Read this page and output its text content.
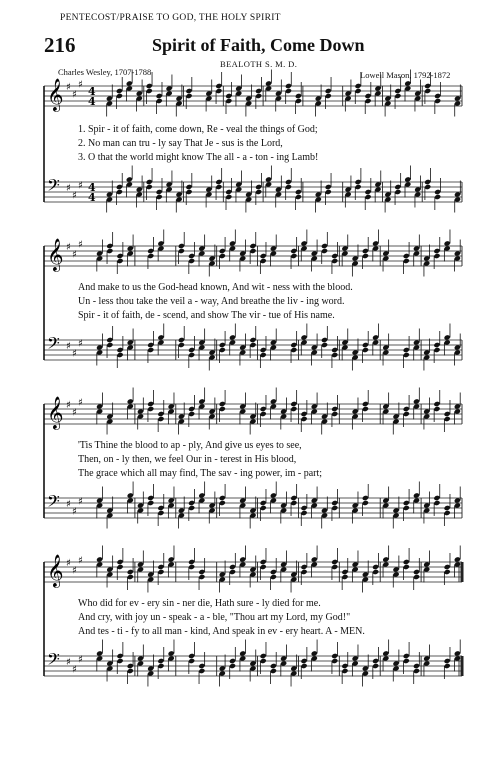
PENTECOST/PRAISE TO GOD, THE HOLY SPIRIT
216	Spirit of Faith, Come Down
BEALOTH S. M. D.
Charles Wesley, 1707-1788	Lowell Mason, 1792-1872
𝄞 ♯
♯
♯ 4
4
𝄢 ♯
♯
♯ 4
4
𝄞 ♯
♯
♯
𝄢 ♯
♯
♯
𝄞 ♯
♯
♯
𝄢 ♯
♯
♯
𝄞 ♯
♯
♯
𝄢 ♯
♯
♯
1. Spir - it of faith, come down, Re - veal the things of God;
2. No man can tru - ly say That Je - sus is the Lord,
3. O that the world might know The all - a - ton - ing Lamb!
And make to us the God-head known, And wit - ness with the blood.
Un - less thou take the veil a - way, And breathe the liv - ing word.
Spir - it of faith, de - scend, and show The vir - tue of His name.
'Tis Thine the blood to ap - ply, And give us eyes to see,
Then, on - ly then, we feel Our in - terest in His blood,
The grace which all may find, The sav - ing power, im - part;
Who did for ev - ery sin - ner die, Hath sure - ly died for me.
And cry, with joy un - speak - a - ble, "Thou art my Lord, my God!"
And tes - ti - fy to all man - kind, And speak in ev - ery heart. A - MEN.
